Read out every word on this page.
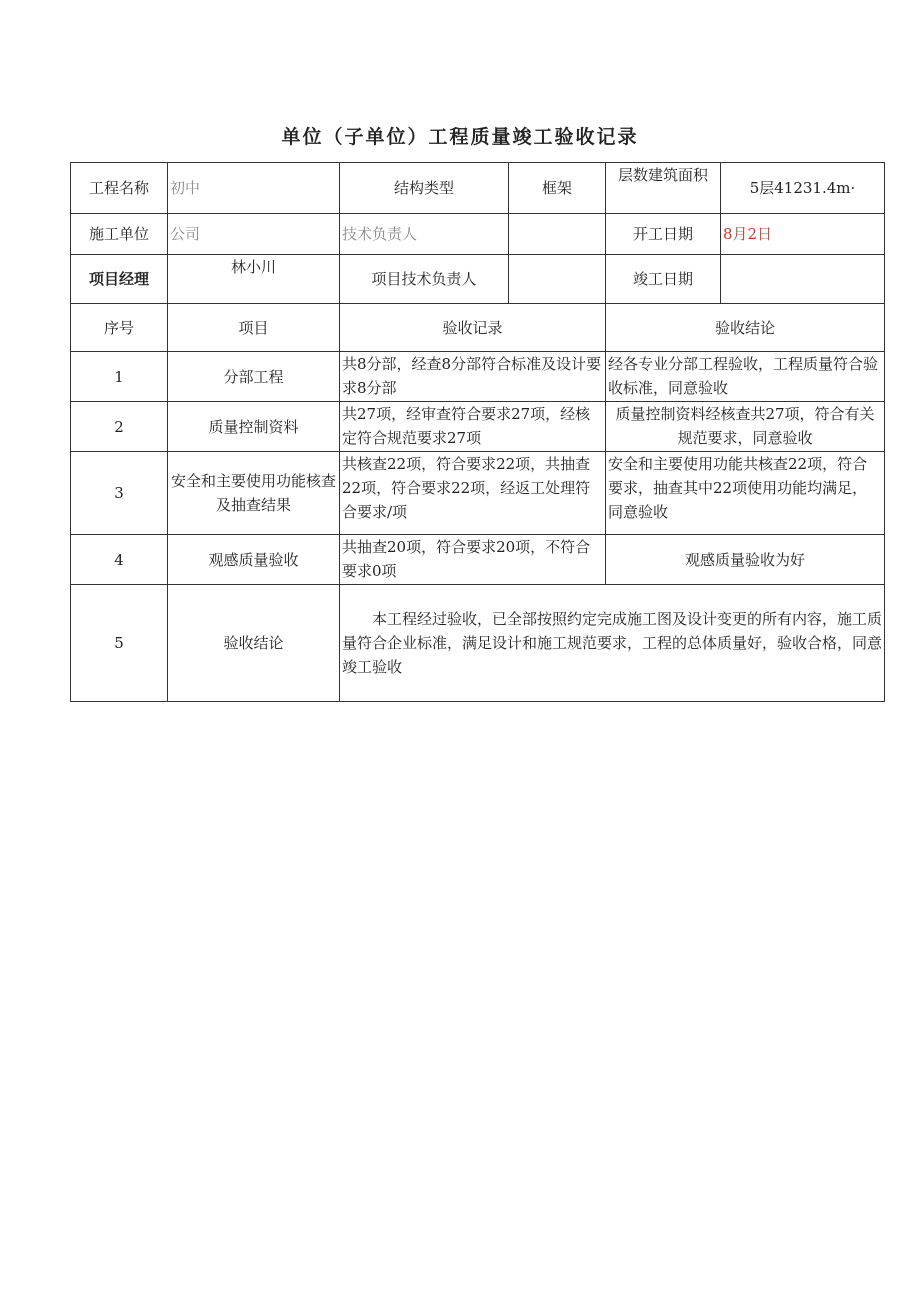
单位（子单位）工程质量竣工验收记录
工程名称	初中	结构类型	框架	层数建筑面积	5层41231.4m·
施工单位	公司	技术负责人		开工日期	8月2日
项目经理	林小川	项目技术负责人		竣工日期	
序号	项目	验收记录		验收结论	
1	分部工程	共8分部，经查8分部符合标准及设计要求8分部		经各专业分部工程验收，工程质量符合验收标准，同意验收	
2	质量控制资料	共27项，经审查符合要求27项，经核定符合规范要求27项		质量控制资料经核查共27项，符合有关规范要求，同意验收	
3	安全和主要使用功能核查及抽查结果	共核查22项，符合要求22项，共抽查22项，符合要求22项，经返工处理符合要求/项		安全和主要使用功能共核查22项，符合要求，抽查其中22项使用功能均满足，同意验收	
4	观感质量验收	共抽查20项，符合要求20项，不符合要求0项		观感质量验收为好	
5	验收结论	本工程经过验收，已全部按照约定完成施工图及设计变更的所有内容，施工质量符合企业标准，满足设计和施工规范要求，工程的总体质量好，验收合格，同意竣工验收			
